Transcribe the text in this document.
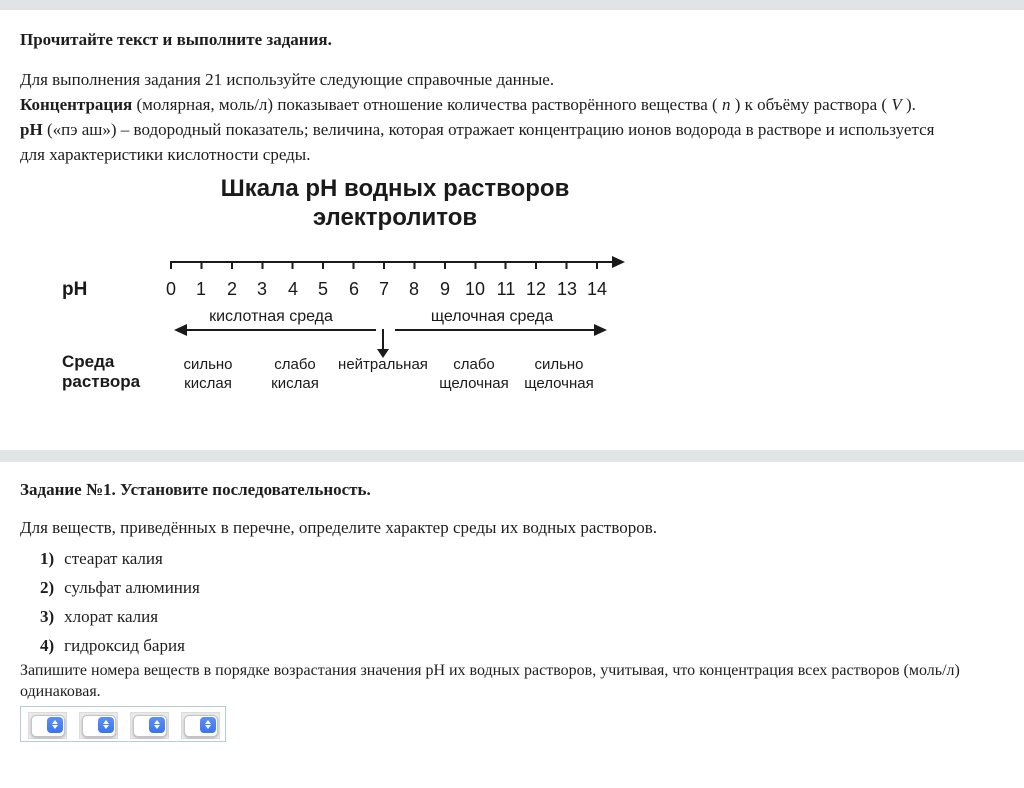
Прочитайте текст и выполните задания.
Для выполнения задания 21 используйте следующие справочные данные.
Концентрация (молярная, моль/л) показывает отношение количества растворённого вещества ( n ) к объёму раствора ( V ).
pH («пэ аш») – водородный показатель; величина, которая отражает концентрацию ионов водорода в растворе и используется
для характеристики кислотности среды.
Шкала pH водных растворов
электролитов
0	1	2	3	4	5	6	7	8	9 10 11 12 13 14
pH
кислотная среда	щелочная среда
Среда
раствора
сильно
кислая
слабо
кислая
нейтральная	слабо
щелочная
сильно
щелочная
Задание №1. Установите последовательность.
Для веществ, приведённых в перечне, определите характер среды их водных растворов.
1) стеарат калия
2) сульфат алюминия
3) хлорат калия
4) гидроксид бария
Запишите номера веществ в порядке возрастания значения pH их водных растворов, учитывая, что концентрация всех растворов (моль/л)
одинаковая.
